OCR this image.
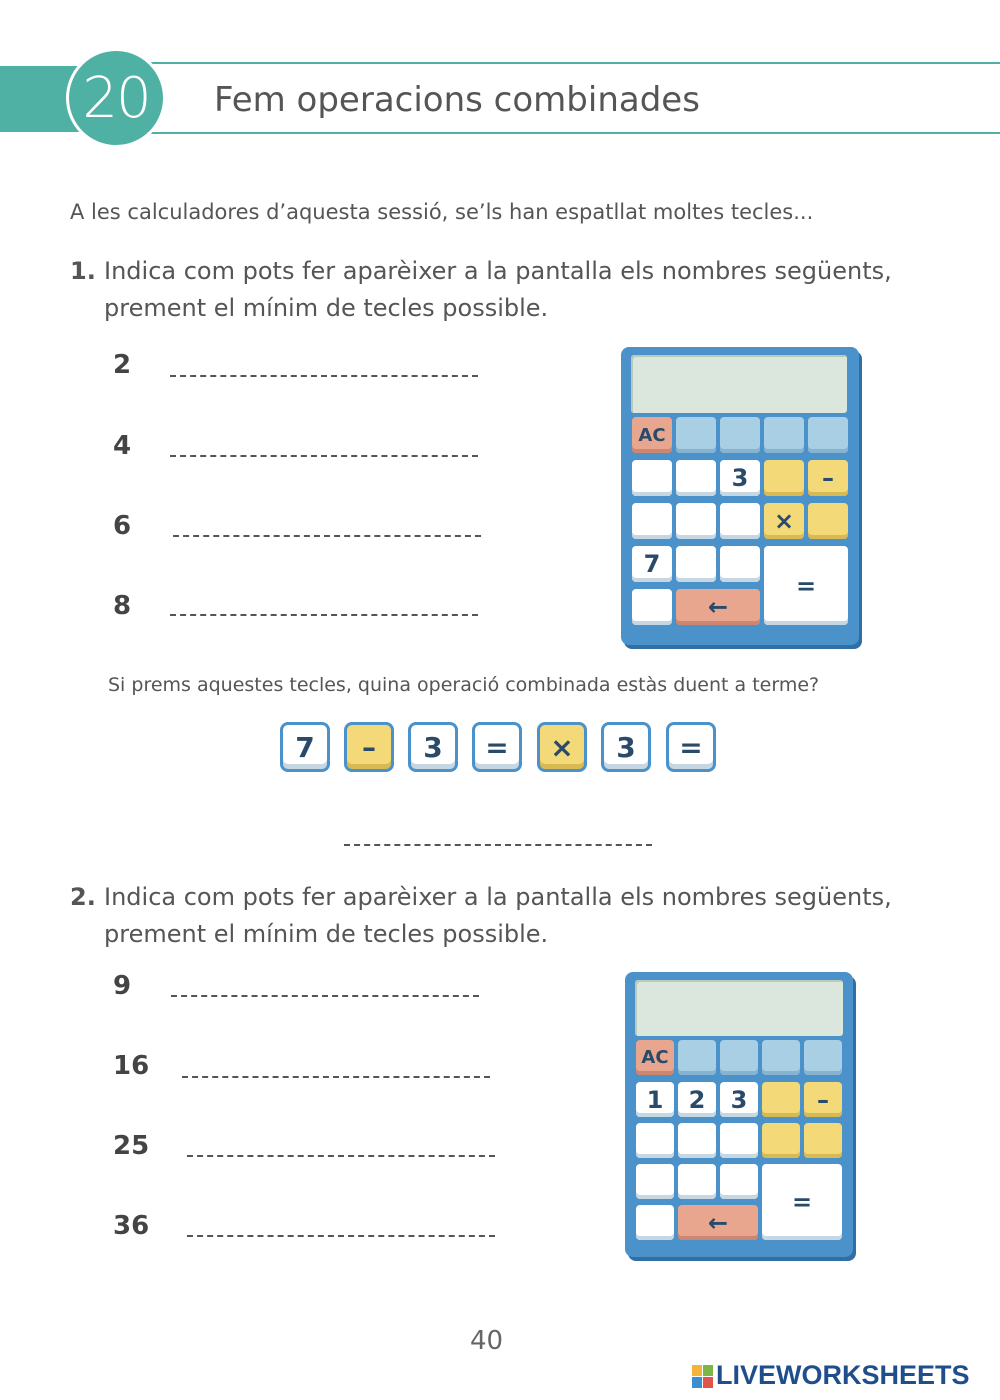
20 Fem operacions combinades
A les calculadores d’aquesta sessió, se’ls han espatllat moltes tecles...
1. Indica com pots fer aparèixer a la pantalla els nombres següents,
prement el mínim de tecles possible.
2
4
6
8
AC
3	–
×
7
=
←
Si prems aquestes tecles, quina operació combinada estàs duent a terme?
7	–	3	=	×	3	=
2. Indica com pots fer aparèixer a la pantalla els nombres següents,
prement el mínim de tecles possible.
9
16
25
36
AC
1	2	3	–
=
←
40
LIVEWORKSHEETS
